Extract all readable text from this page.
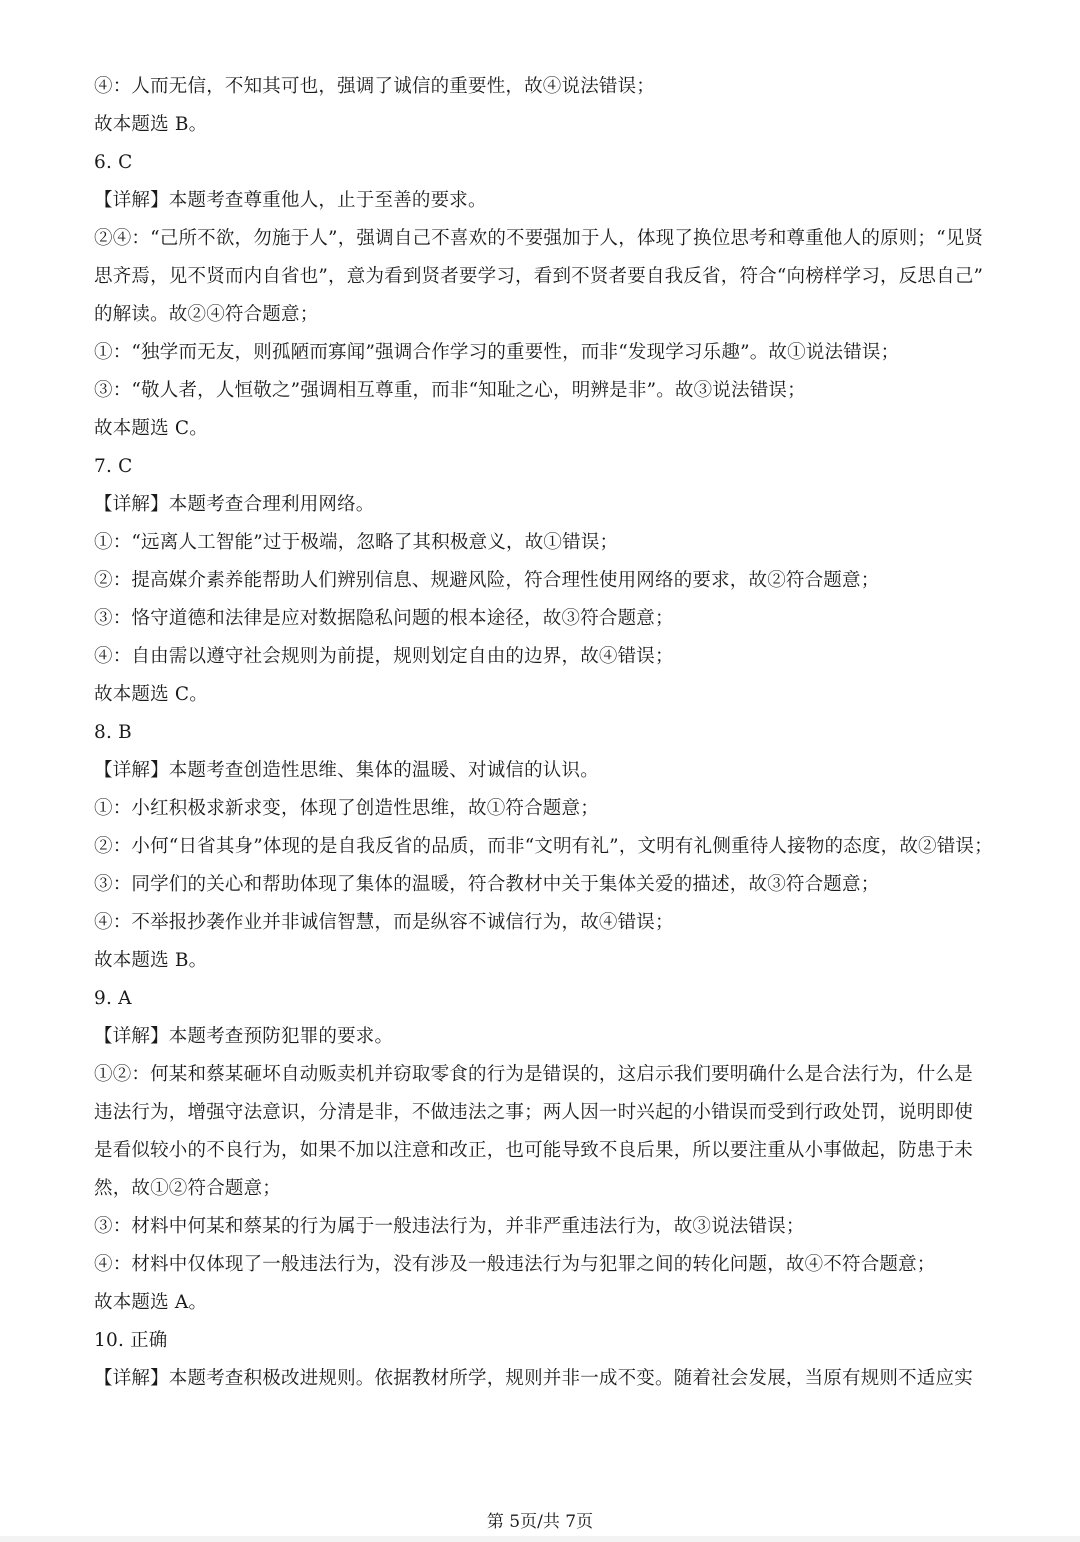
④：人而无信，不知其可也，强调了诚信的重要性，故④说法错误；
故本题选 B。
6. C
【详解】本题考查尊重他人，止于至善的要求。
②④：“己所不欲，勿施于人”，强调自己不喜欢的不要强加于人，体现了换位思考和尊重他人的原则；“见贤
思齐焉，见不贤而内自省也”，意为看到贤者要学习，看到不贤者要自我反省，符合“向榜样学习，反思自己”
的解读。故②④符合题意；
①：“独学而无友，则孤陋而寡闻”强调合作学习的重要性，而非“发现学习乐趣”。故①说法错误；
③：“敬人者，人恒敬之”强调相互尊重，而非“知耻之心，明辨是非”。故③说法错误；
故本题选 C。
7. C
【详解】本题考查合理利用网络。
①：“远离人工智能”过于极端，忽略了其积极意义，故①错误；
②：提高媒介素养能帮助人们辨别信息、规避风险，符合理性使用网络的要求，故②符合题意；
③：恪守道德和法律是应对数据隐私问题的根本途径，故③符合题意；
④：自由需以遵守社会规则为前提，规则划定自由的边界，故④错误；
故本题选 C。
8. B
【详解】本题考查创造性思维、集体的温暖、对诚信的认识。
①：小红积极求新求变，体现了创造性思维，故①符合题意；
②：小何“日省其身”体现的是自我反省的品质，而非“文明有礼”，文明有礼侧重待人接物的态度，故②错误；
③：同学们的关心和帮助体现了集体的温暖，符合教材中关于集体关爱的描述，故③符合题意；
④：不举报抄袭作业并非诚信智慧，而是纵容不诚信行为，故④错误；
故本题选 B。
9. A
【详解】本题考查预防犯罪的要求。
①②：何某和蔡某砸坏自动贩卖机并窃取零食的行为是错误的，这启示我们要明确什么是合法行为，什么是
违法行为，增强守法意识，分清是非，不做违法之事；两人因一时兴起的小错误而受到行政处罚，说明即使
是看似较小的不良行为，如果不加以注意和改正，也可能导致不良后果，所以要注重从小事做起，防患于未
然，故①②符合题意；
③：材料中何某和蔡某的行为属于一般违法行为，并非严重违法行为，故③说法错误；
④：材料中仅体现了一般违法行为，没有涉及一般违法行为与犯罪之间的转化问题，故④不符合题意；
故本题选 A。
10. 正确
【详解】本题考查积极改进规则。依据教材所学，规则并非一成不变。随着社会发展，当原有规则不适应实
第 5页/共 7页
